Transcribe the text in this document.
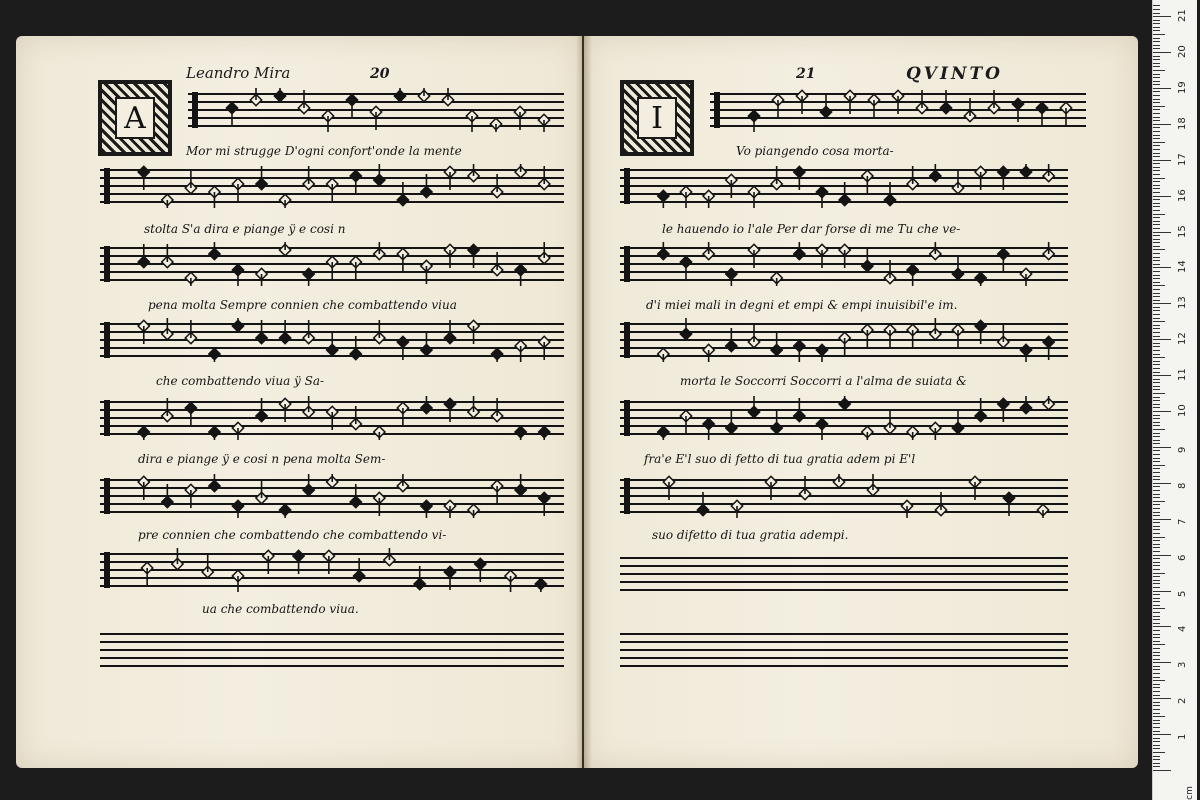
Leandro Mira	20
A
21	QVINTO
I
Mor mi strugge D'ogni confort'onde la mente
stolta S'a dira e piange ÿ e cosi n
pena molta Sempre connien che combattendo viua
che combattendo viua ÿ Sa-
dira e piange ÿ e cosi n pena molta Sem-
pre connien che combattendo che combattendo vi-
ua che combattendo viua.
Vo piangendo cosa morta-
le hauendo io l'ale Per dar forse di me Tu che ve-
d'i miei mali in degni et empi & empi inuisibil'e im.
morta le Soccorri Soccorri a l'alma de suiata &
fra'e E'l suo di fetto di tua gratia adem pi E'l
suo difetto di tua gratia adempi.
1
2
3
4
5
6
7
8
9
10
11
12
13
14
15
16
17
18
19
20
21
cm
